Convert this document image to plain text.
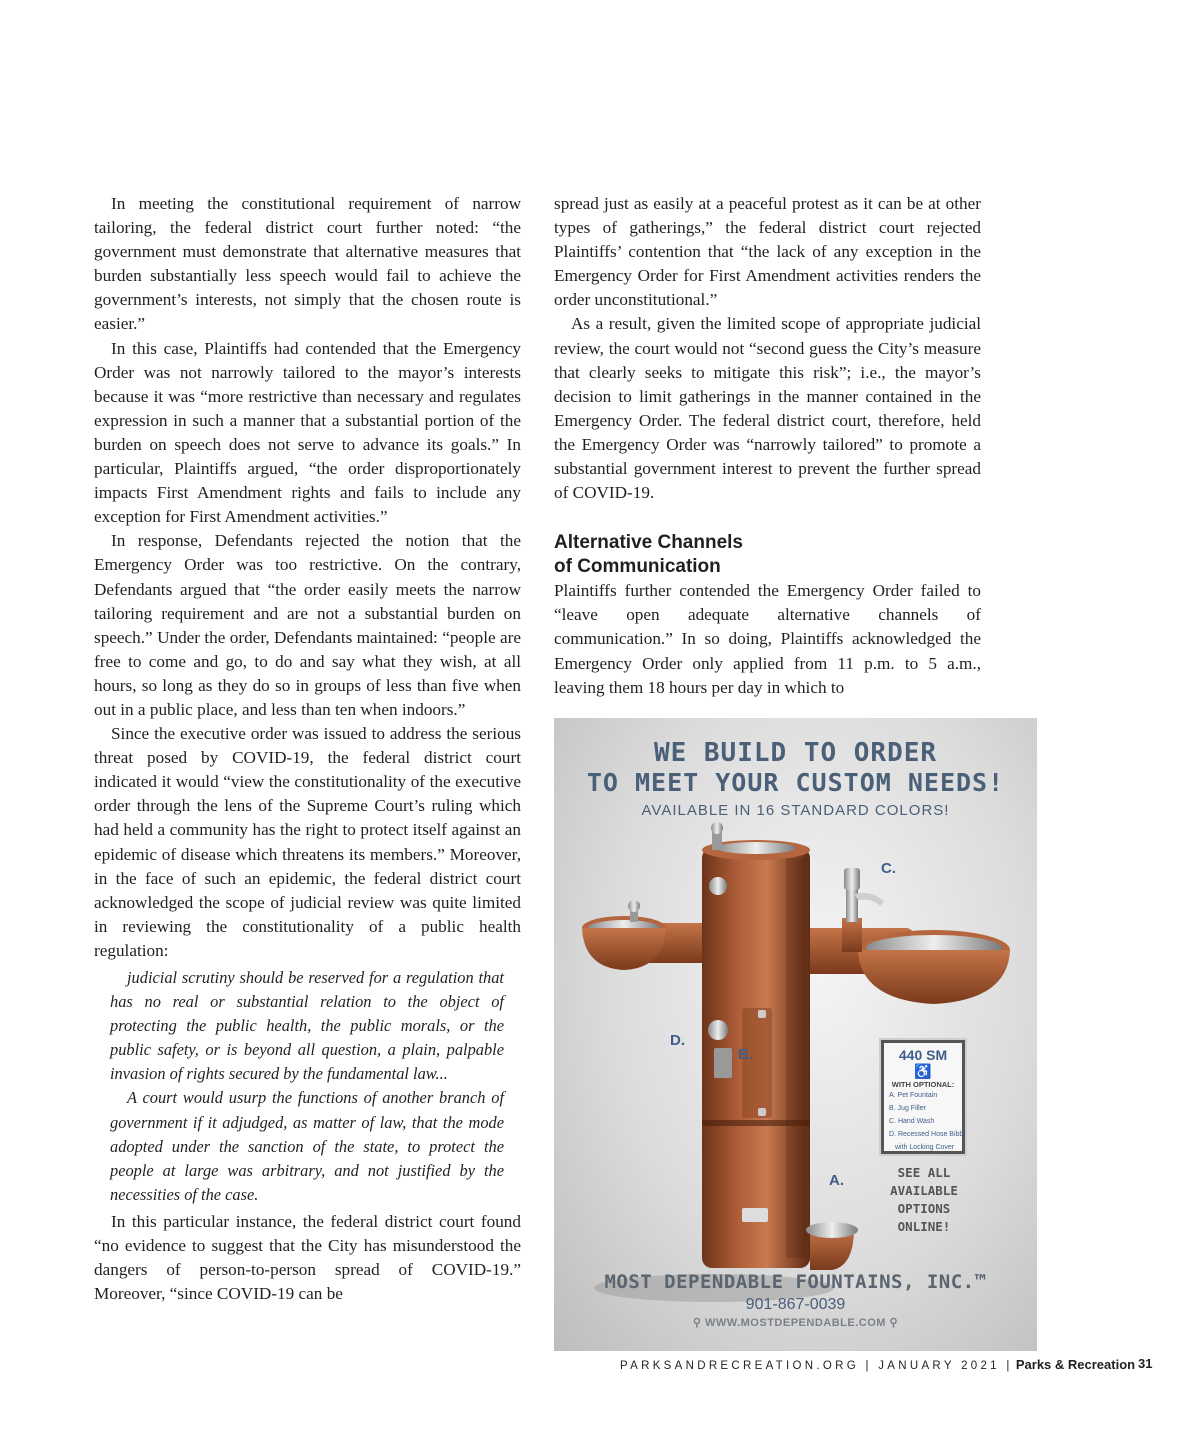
In meeting the constitutional requirement of narrow tailoring, the federal district court further noted: “the government must demonstrate that alternative measures that burden substantially less speech would fail to achieve the government’s interests, not simply that the chosen route is easier.”

In this case, Plaintiffs had contended that the Emergency Order was not narrowly tailored to the mayor’s interests because it was “more restrictive than necessary and regulates expression in such a manner that a substantial portion of the burden on speech does not serve to advance its goals.” In particular, Plaintiffs argued, “the order disproportionately impacts First Amendment rights and fails to include any exception for First Amendment activities.”

In response, Defendants rejected the notion that the Emergency Order was too restrictive. On the contrary, Defendants argued that “the order easily meets the narrow tailoring requirement and are not a substantial burden on speech.” Under the order, Defendants maintained: “people are free to come and go, to do and say what they wish, at all hours, so long as they do so in groups of less than five when out in a public place, and less than ten when indoors.”

Since the executive order was issued to address the serious threat posed by COVID-19, the federal district court indicated it would “view the constitutionality of the executive order through the lens of the Supreme Court’s ruling which had held a community has the right to protect itself against an epidemic of disease which threatens its members.” Moreover, in the face of such an epidemic, the federal district court acknowledged the scope of judicial review was quite limited in reviewing the constitutionality of a public health regulation:

judicial scrutiny should be reserved for a regulation that has no real or substantial relation to the object of protecting the public health, the public morals, or the public safety, or is beyond all question, a plain, palpable invasion of rights secured by the fundamental law...

A court would usurp the functions of another branch of government if it adjudged, as matter of law, that the mode adopted under the sanction of the state, to protect the people at large was arbitrary, and not justified by the necessities of the case.

In this particular instance, the federal district court found “no evidence to suggest that the City has misunderstood the dangers of person-to-person spread of COVID-19.” Moreover, “since COVID-19 can be

spread just as easily at a peaceful protest as it can be at other types of gatherings,” the federal district court rejected Plaintiffs’ contention that “the lack of any exception in the Emergency Order for First Amendment activities renders the order unconstitutional.”

As a result, given the limited scope of appropriate judicial review, the court would not “second guess the City’s measure that clearly seeks to mitigate this risk”; i.e., the mayor’s decision to limit gatherings in the manner contained in the Emergency Order. The federal district court, therefore, held the Emergency Order was “narrowly tailored” to promote a substantial government interest to prevent the further spread of COVID-19.

Alternative Channels
of Communication

Plaintiffs further contended the Emergency Order failed to “leave open adequate alternative channels of communication.” In so doing, Plaintiffs acknowledged the Emergency Order only applied from 11 p.m. to 5 a.m., leaving them 18 hours per day in which to

WE BUILD TO ORDER
TO MEET YOUR CUSTOM NEEDS!
AVAILABLE IN 16 STANDARD COLORS!
C.
D.
B.
A.
440 SM ♿
WITH OPTIONAL:
A. Pet Fountain
B. Jug Filler
C. Hand Wash
D. Recessed Hose Bibb
with Locking Cover
SEE ALL
AVAILABLE
OPTIONS
ONLINE!
MOST DEPENDABLE FOUNTAINS, INC.™
901-867-0039
⚲ WWW.MOSTDEPENDABLE.COM ⚲
PARKSANDRECREATION.ORG | JANUARY 2021 | Parks & Recreation 31
